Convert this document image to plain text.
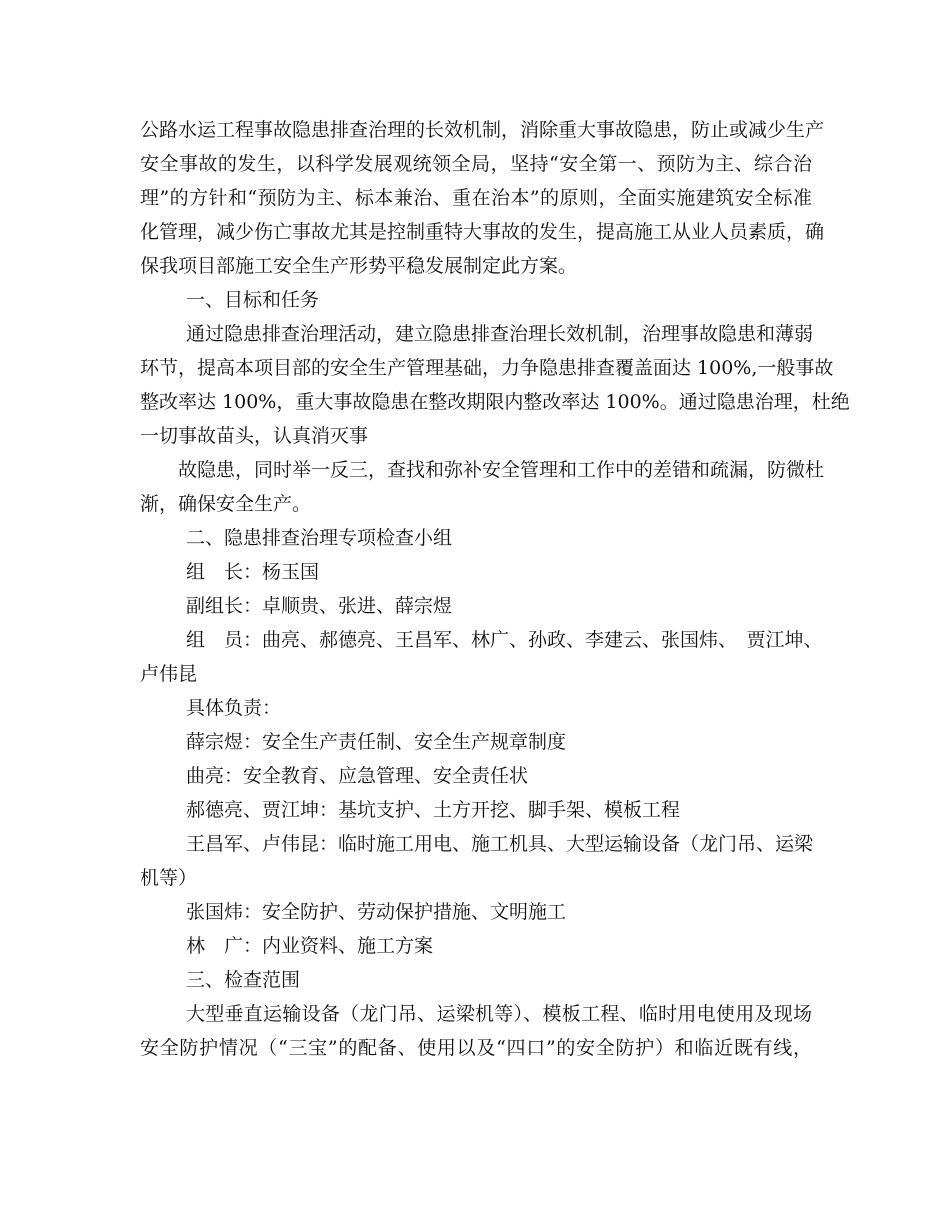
公路水运工程事故隐患排查治理的长效机制，消除重大事故隐患，防止或减少生产
安全事故的发生，以科学发展观统领全局，坚持“安全第一、预防为主、综合治
理”的方针和“预防为主、标本兼治、重在治本”的原则，全面实施建筑安全标准
化管理，减少伤亡事故尤其是控制重特大事故的发生，提高施工从业人员素质，确
保我项目部施工安全生产形势平稳发展制定此方案。
一、目标和任务
通过隐患排查治理活动，建立隐患排查治理长效机制，治理事故隐患和薄弱
环节，提高本项目部的安全生产管理基础，力争隐患排查覆盖面达 100%,一般事故
整改率达 100%，重大事故隐患在整改期限内整改率达 100%。通过隐患治理，杜绝
一切事故苗头，认真消灭事
故隐患，同时举一反三，查找和弥补安全管理和工作中的差错和疏漏，防微杜
渐，确保安全生产。
二、隐患排查治理专项检查小组
组　长：杨玉国
副组长：卓顺贵、张进、薛宗煜
组　员：曲亮、郝德亮、王昌军、林广、孙政、李建云、张国炜、　贾江坤、
卢伟昆
具体负责：
薛宗煜：安全生产责任制、安全生产规章制度
曲亮：安全教育、应急管理、安全责任状
郝德亮、贾江坤：基坑支护、土方开挖、脚手架、模板工程
王昌军、卢伟昆：临时施工用电、施工机具、大型运输设备（龙门吊、运梁
机等）
张国炜：安全防护、劳动保护措施、文明施工
林　广：内业资料、施工方案
三、检查范围
大型垂直运输设备（龙门吊、运梁机等）、模板工程、临时用电使用及现场
安全防护情况（“三宝”的配备、使用以及“四口”的安全防护）和临近既有线，
